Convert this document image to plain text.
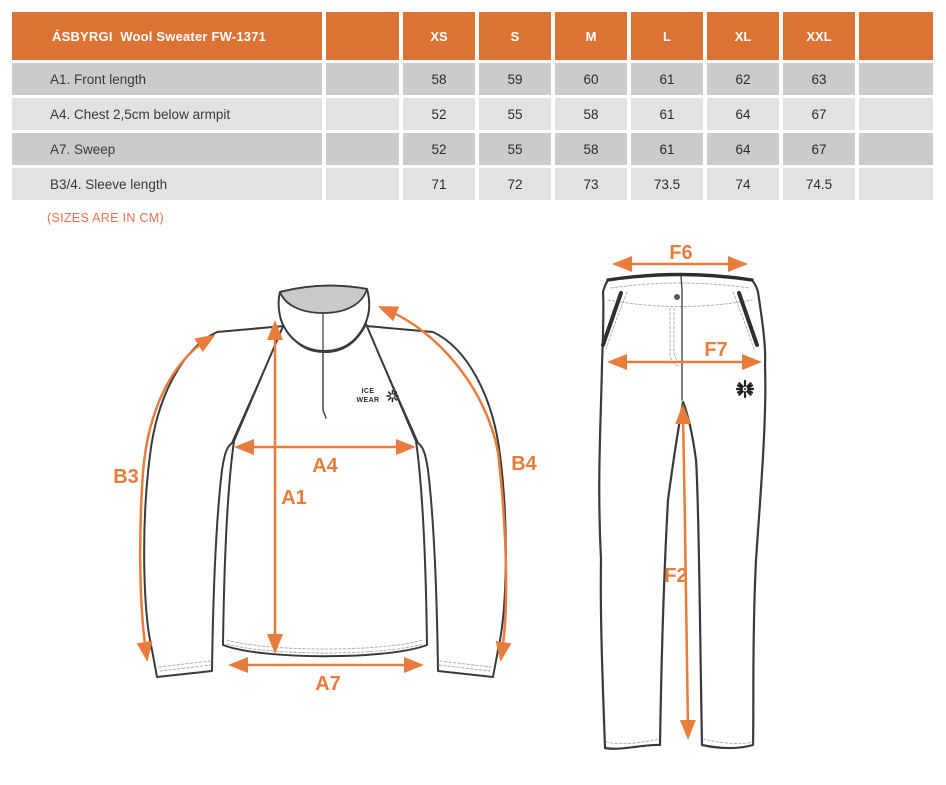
ÁSBYRGI  Wool Sweater FW-1371	XS	S	M	L	XL	XXL
A1. Front length	58	59	60	61	62	63
A4. Chest 2,5cm below armpit	52	55	58	61	64	67
A7. Sweep	52	55	58	61	64	67
B3/4. Sleeve length	71	72	73	73.5	74	74.5
(SIZES ARE IN CM)
ICE
WEAR
B3
B4
A1
A4
A7
F6
F7
F2
